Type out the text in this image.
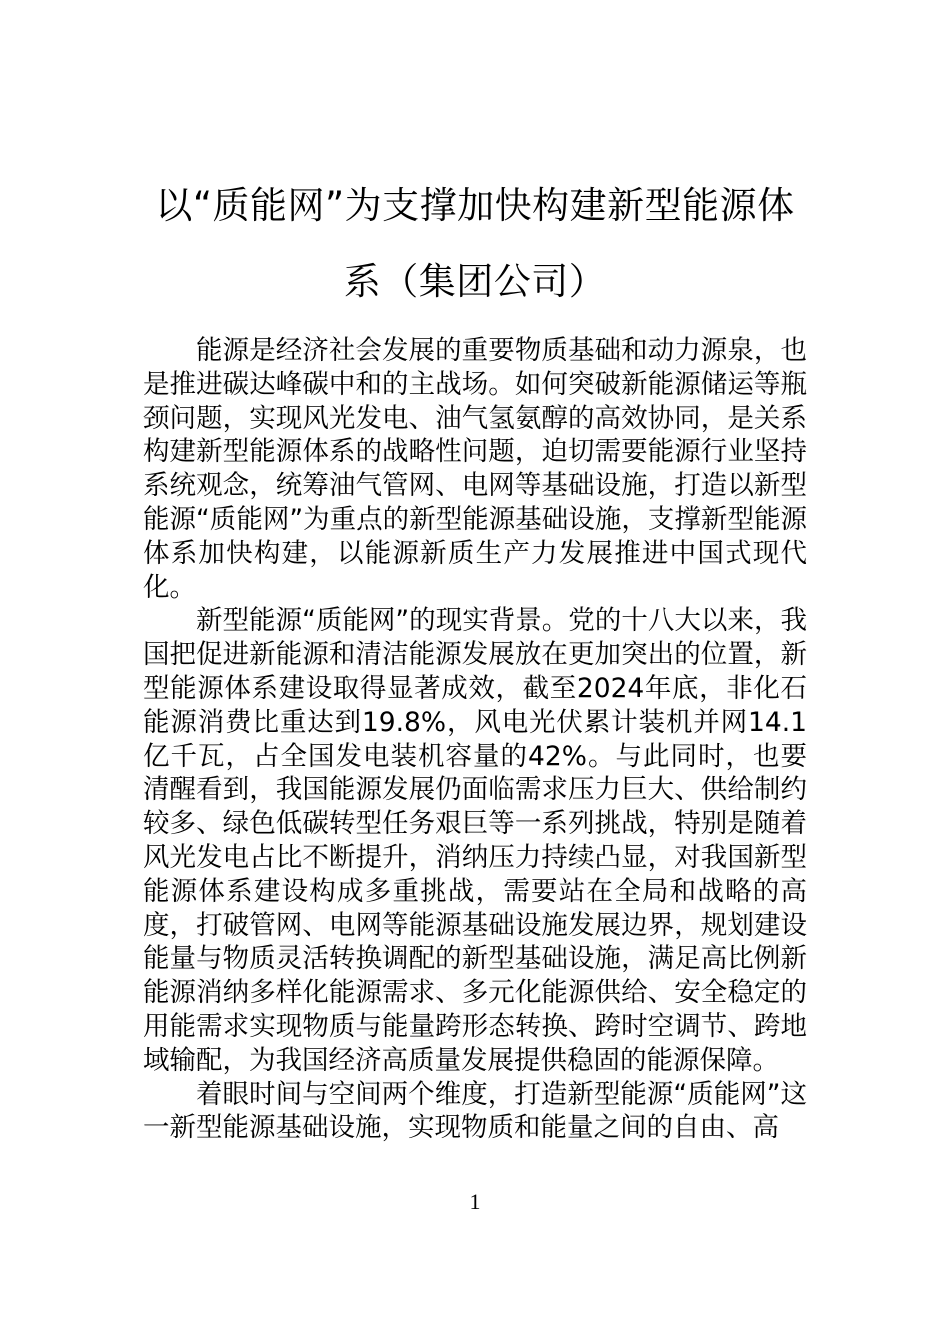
以“质能网”为支撑加快构建新型能源体系（集团公司）

能源是经济社会发展的重要物质基础和动力源泉，也是推进碳达峰碳中和的主战场。如何突破新能源储运等瓶颈问题，实现风光发电、油气氢氨醇的高效协同，是关系构建新型能源体系的战略性问题，迫切需要能源行业坚持系统观念，统筹油气管网、电网等基础设施，打造以新型能源“质能网”为重点的新型能源基础设施，支撑新型能源体系加快构建，以能源新质生产力发展推进中国式现代化。

新型能源“质能网”的现实背景。党的十八大以来，我国把促进新能源和清洁能源发展放在更加突出的位置，新型能源体系建设取得显著成效，截至2024年底，非化石能源消费比重达到19.8%，风电光伏累计装机并网14.1亿千瓦，占全国发电装机容量的42%。与此同时，也要清醒看到，我国能源发展仍面临需求压力巨大、供给制约较多、绿色低碳转型任务艰巨等一系列挑战，特别是随着风光发电占比不断提升，消纳压力持续凸显，对我国新型能源体系建设构成多重挑战，需要站在全局和战略的高度，打破管网、电网等能源基础设施发展边界，规划建设能量与物质灵活转换调配的新型基础设施，满足高比例新能源消纳多样化能源需求、多元化能源供给、安全稳定的用能需求实现物质与能量跨形态转换、跨时空调节、跨地域输配，为我国经济高质量发展提供稳固的能源保障。

着眼时间与空间两个维度，打造新型能源“质能网”这一新型能源基础设施，实现物质和能量之间的自由、高

1
